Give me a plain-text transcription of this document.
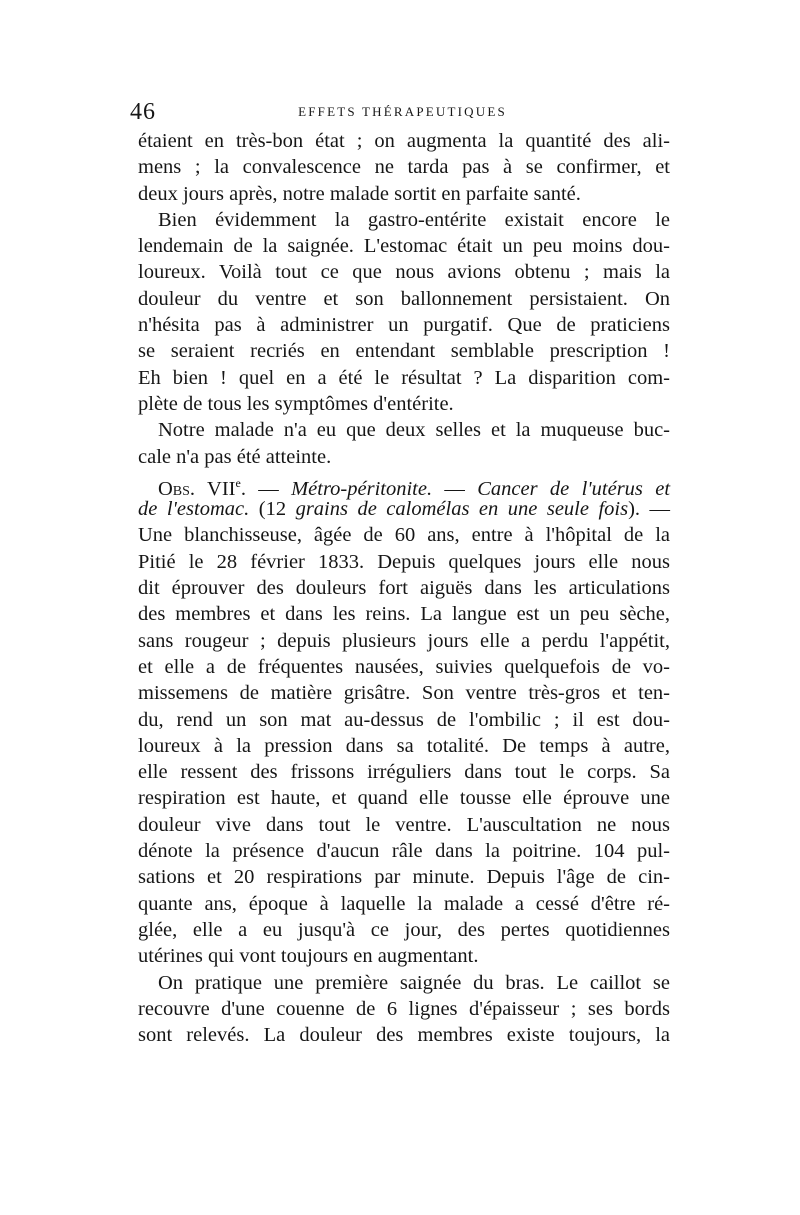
46	EFFETS THÉRAPEUTIQUES
étaient en très-bon état ; on augmenta la quantité des ali-
mens ; la convalescence ne tarda pas à se confirmer, et
deux jours après, notre malade sortit en parfaite santé.
Bien évidemment la gastro-entérite existait encore le
lendemain de la saignée. L'estomac était un peu moins dou-
loureux. Voilà tout ce que nous avions obtenu ; mais la
douleur du ventre et son ballonnement persistaient. On
n'hésita pas à administrer un purgatif. Que de praticiens
se seraient recriés en entendant semblable prescription !
Eh bien ! quel en a été le résultat ? La disparition com-
plète de tous les symptômes d'entérite.
Notre malade n'a eu que deux selles et la muqueuse buc-
cale n'a pas été atteinte.
Obs. VIIe. — Métro-péritonite. — Cancer de l'utérus et
de l'estomac. (12 grains de calomélas en une seule fois). —
Une blanchisseuse, âgée de 60 ans, entre à l'hôpital de la
Pitié le 28 février 1833. Depuis quelques jours elle nous
dit éprouver des douleurs fort aiguës dans les articulations
des membres et dans les reins. La langue est un peu sèche,
sans rougeur ; depuis plusieurs jours elle a perdu l'appétit,
et elle a de fréquentes nausées, suivies quelquefois de vo-
missemens de matière grisâtre. Son ventre très-gros et ten-
du, rend un son mat au-dessus de l'ombilic ; il est dou-
loureux à la pression dans sa totalité. De temps à autre,
elle ressent des frissons irréguliers dans tout le corps. Sa
respiration est haute, et quand elle tousse elle éprouve une
douleur vive dans tout le ventre. L'auscultation ne nous
dénote la présence d'aucun râle dans la poitrine. 104 pul-
sations et 20 respirations par minute. Depuis l'âge de cin-
quante ans, époque à laquelle la malade a cessé d'être ré-
glée, elle a eu jusqu'à ce jour, des pertes quotidiennes
utérines qui vont toujours en augmentant.
On pratique une première saignée du bras. Le caillot se
recouvre d'une couenne de 6 lignes d'épaisseur ; ses bords
sont relevés. La douleur des membres existe toujours, la
